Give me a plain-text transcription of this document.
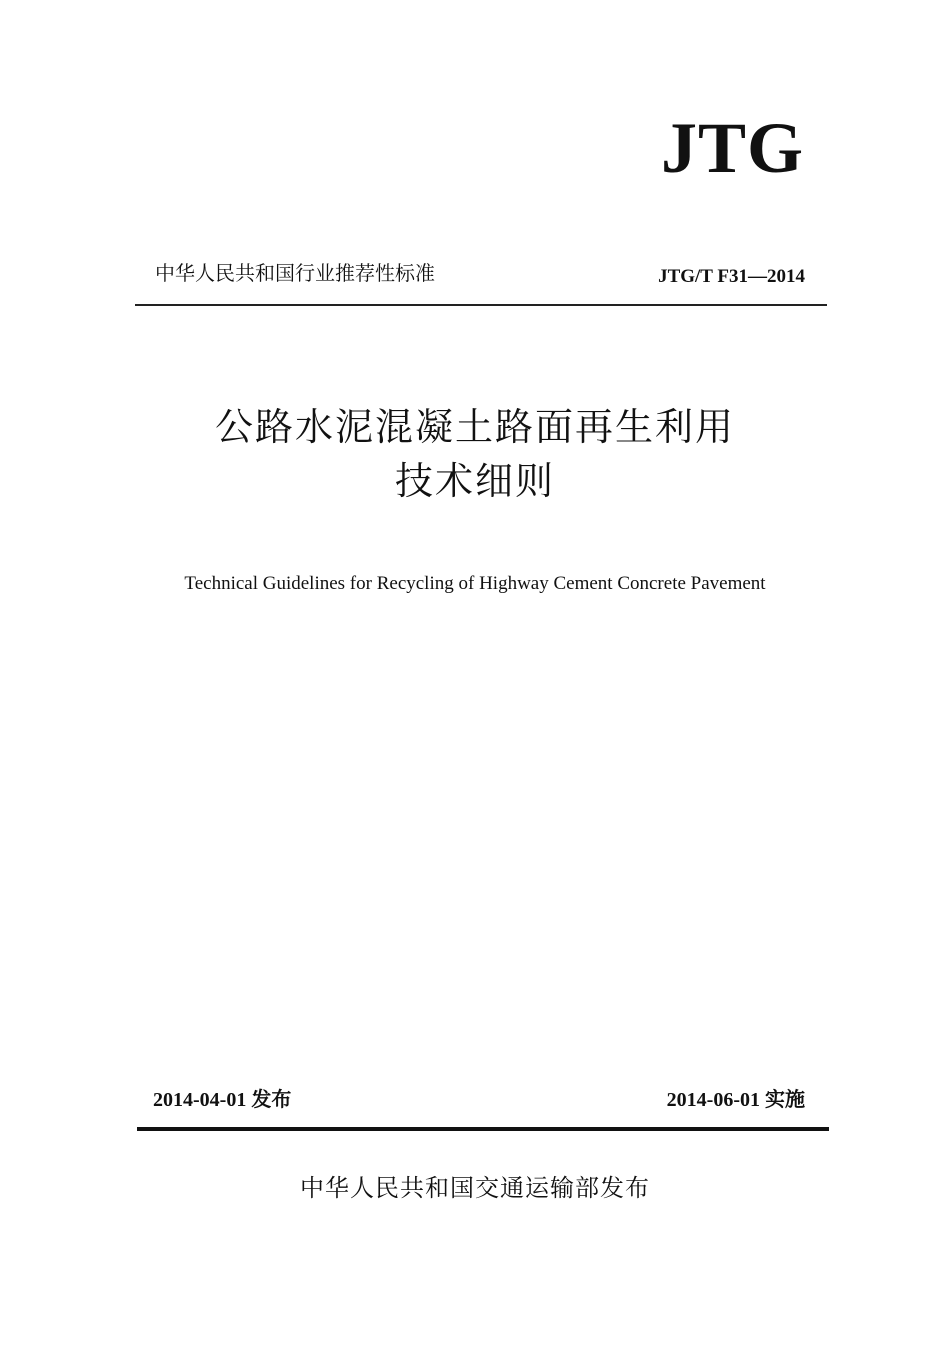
JTG
中华人民共和国行业推荐性标准	JTG/T F31—2014
公路水泥混凝土路面再生利用
技术细则
Technical Guidelines for Recycling of Highway Cement Concrete Pavement
2014-04-01 发布	2014-06-01 实施
中华人民共和国交通运输部发布
